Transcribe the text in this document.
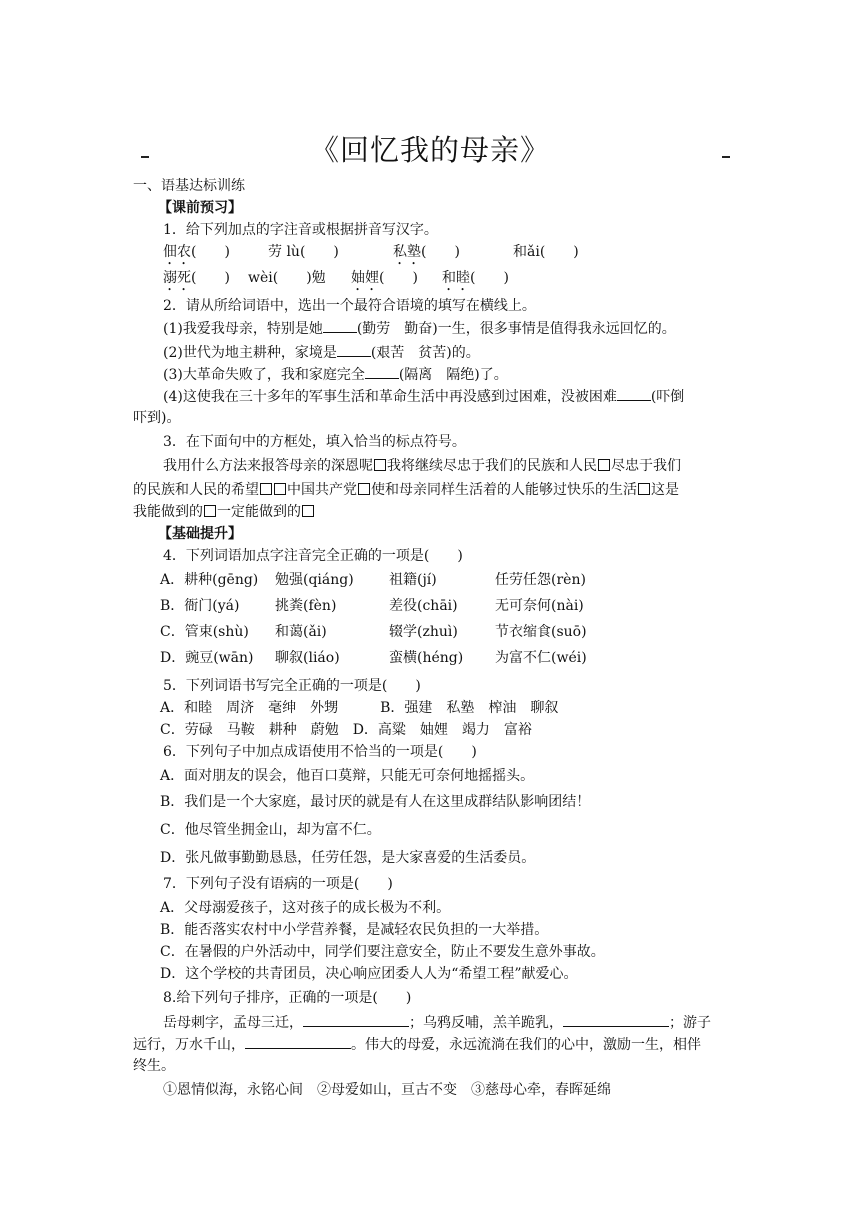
《回忆我的母亲》
一、语基达标训练
【课前预习】
1．给下列加点的字注音或根据拼音写汉字。
佃农(　　)	劳 lù(　　)	私塾(　　)	和ǎi(　　)
溺死(　　) wèi(　　)勉 妯娌(　　) 和睦(　　)
2．请从所给词语中，选出一个最符合语境的填写在横线上。
(1)我爱我母亲，特别是她 (勤劳　勤奋)一生，很多事情是值得我永远回忆的。
(2)世代为地主耕种，家境是 (艰苦　贫苦)的。
(3)大革命失败了，我和家庭完全 (隔离　隔绝)了。
(4)这使我在三十多年的军事生活和革命生活中再没感到过困难，没被困难 (吓倒
吓到)。
3．在下面句中的方框处，填入恰当的标点符号。
我用什么方法来报答母亲的深恩呢 我将继续尽忠于我们的民族和人民 尽忠于我们
的民族和人民的希望 中国共产党 使和母亲同样生活着的人能够过快乐的生活 这是
我能做到的 一定能做到的
【基础提升】
4．下列词语加点字注音完全正确的一项是(　　)
A．耕种(gēng) 勉强(qiáng)	祖籍(jí)	任劳任怨(rèn)
B．衙门(yá)	挑粪(fèn)	差役(chāi)	无可奈何(nài)
C．管束(shù) 和蔼(ǎi)	辍学(zhuì)	节衣缩食(suō)
D．豌豆(wān) 聊叙(liáo)	蛮横(héng) 为富不仁(wéi)
5．下列词语书写完全正确的一项是(　　)
A．和睦　周济　毫绅　外甥　　　B．强建　私塾　榨油　聊叙
C．劳碌　马鞍　耕种　蔚勉　D．高粱　妯娌　竭力　富裕
6．下列句子中加点成语使用不恰当的一项是(　　)
A．面对朋友的误会，他百口莫辩，只能无可奈何地摇摇头。
B．我们是一个大家庭，最讨厌的就是有人在这里成群结队影响团结！
C．他尽管坐拥金山，却为富不仁。
D．张凡做事勤勤恳恳，任劳任怨，是大家喜爱的生活委员。
7．下列句子没有语病的一项是(　　)
A．父母溺爱孩子，这对孩子的成长极为不利。
B．能否落实农村中小学营养餐，是减轻农民负担的一大举措。
C．在暑假的户外活动中，同学们要注意安全，防止不要发生意外事故。
D．这个学校的共青团员，决心响应团委人人为“希望工程”献爱心。
8.给下列句子排序，正确的一项是(　　)
岳母刺字，孟母三迁，	；乌鸦反哺，羔羊跪乳，	；游子
远行，万水千山，	。伟大的母爱，永远流淌在我们的心中，激励一生，相伴
终生。
①恩情似海，永铭心间　②母爱如山，亘古不变　③慈母心牵，春晖延绵
